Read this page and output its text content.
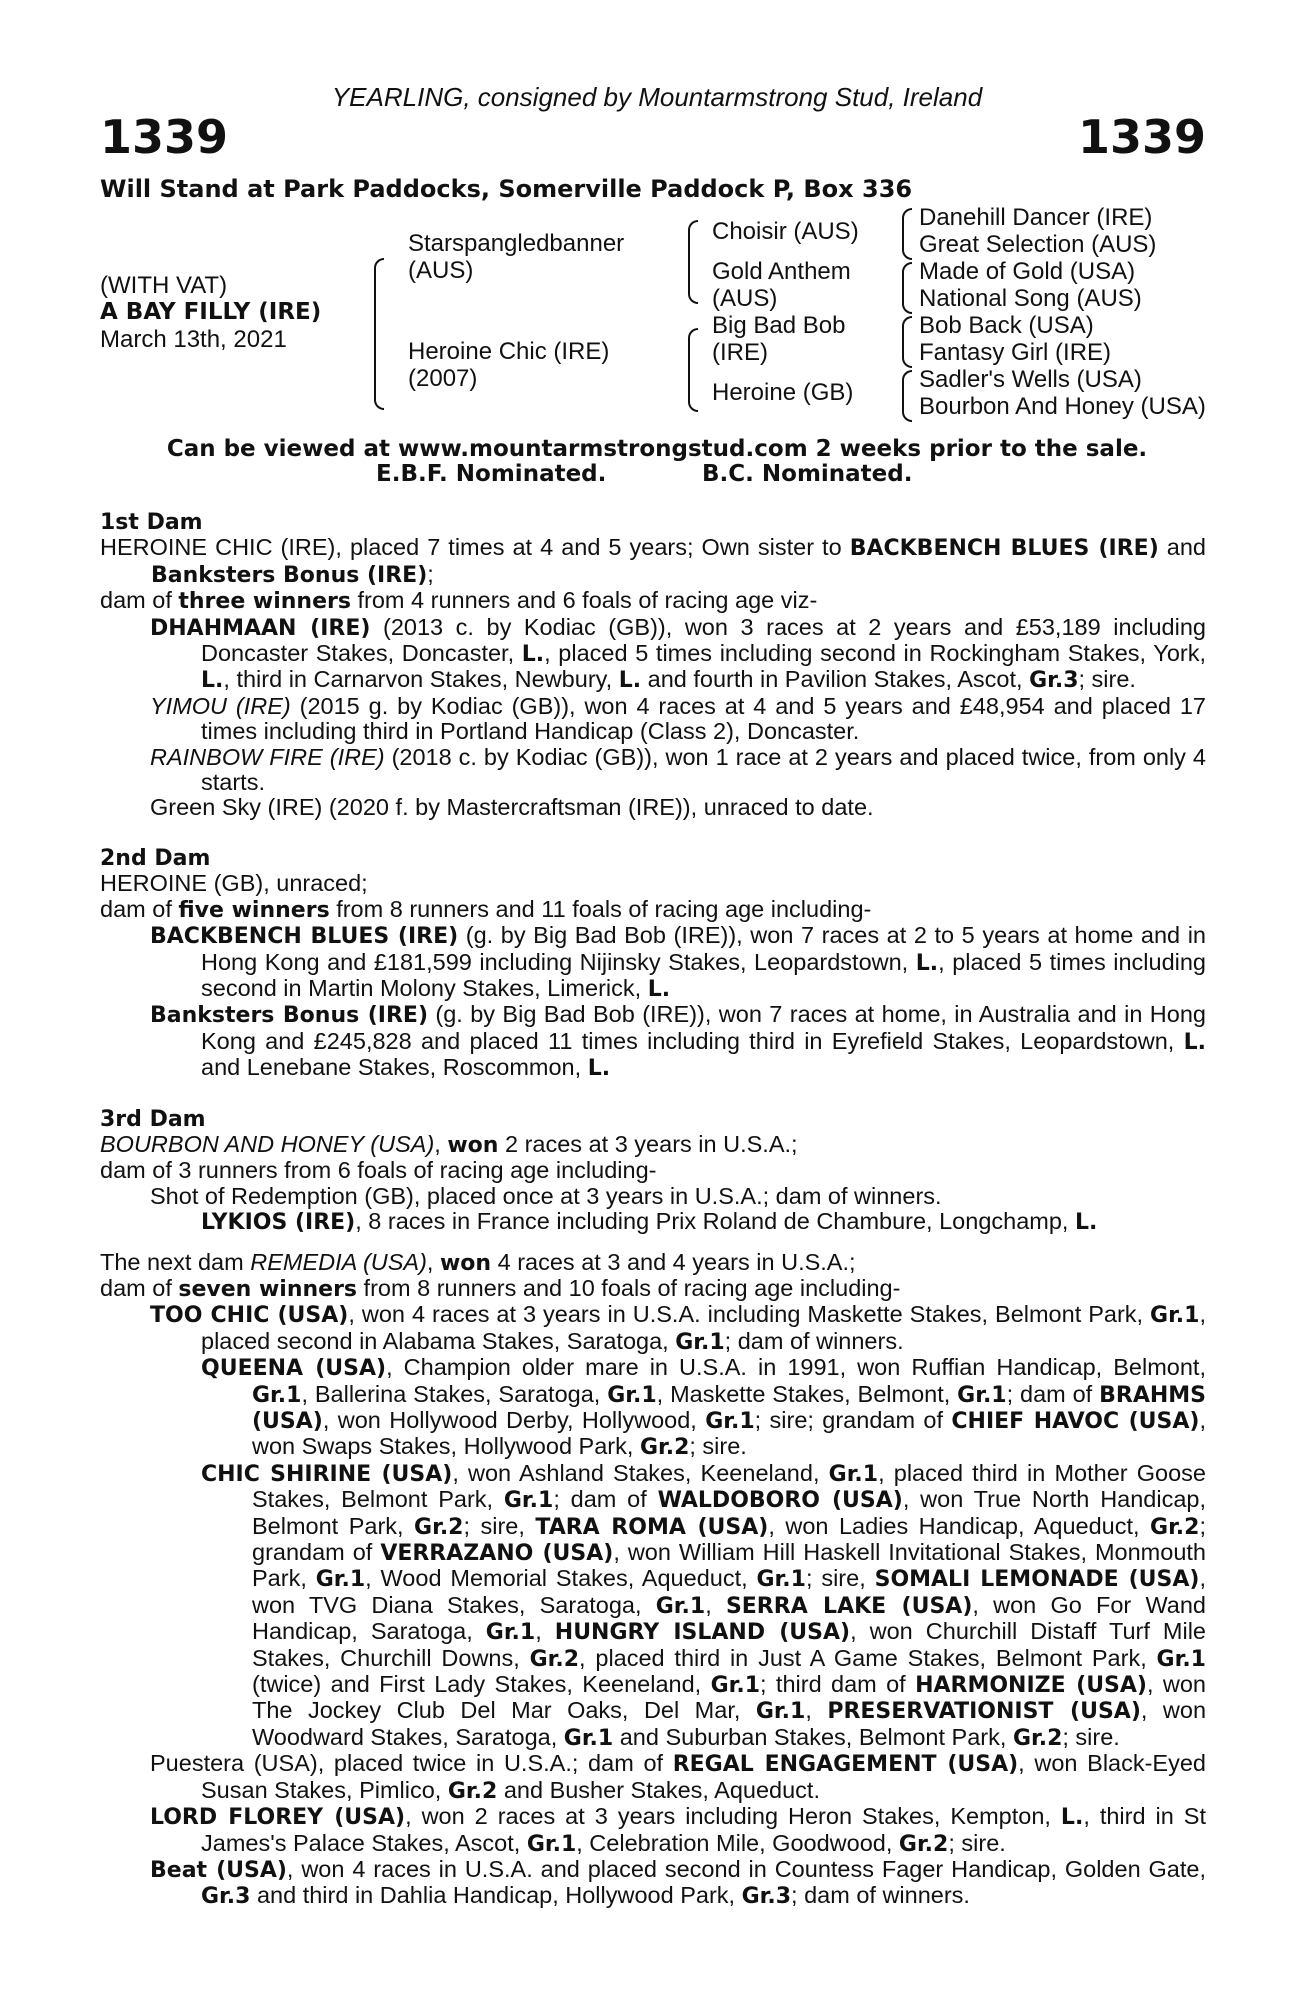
YEARLING, consigned by Mountarmstrong Stud, Ireland
1339	1339
Will Stand at Park Paddocks, Somerville Paddock P, Box 336
(WITH VAT)
A BAY FILLY (IRE)
March 13th, 2021
Starspangledbanner
(AUS)
Heroine Chic (IRE)
(2007)
Choisir (AUS)
Gold Anthem
(AUS)
Big Bad Bob
(IRE)
Heroine (GB)
Danehill Dancer (IRE)
Great Selection (AUS)
Made of Gold (USA)
National Song (AUS)
Bob Back (USA)
Fantasy Girl (IRE)
Sadler's Wells (USA)
Bourbon And Honey (USA)
Can be viewed at www.mountarmstrongstud.com 2 weeks prior to the sale.
E.B.F. Nominated.	B.C. Nominated.
1st Dam
HEROINE CHIC (IRE), placed 7 times at 4 and 5 years; Own sister to BACKBENCH BLUES (IRE) and Banksters Bonus (IRE);
dam of three winners from 4 runners and 6 foals of racing age viz-
DHAHMAAN (IRE) (2013 c. by Kodiac (GB)), won 3 races at 2 years and £53,189 including Doncaster Stakes, Doncaster, L., placed 5 times including second in Rockingham Stakes, York, L., third in Carnarvon Stakes, Newbury, L. and fourth in Pavilion Stakes, Ascot, Gr.3; sire.
YIMOU (IRE) (2015 g. by Kodiac (GB)), won 4 races at 4 and 5 years and £48,954 and placed 17 times including third in Portland Handicap (Class 2), Doncaster.
RAINBOW FIRE (IRE) (2018 c. by Kodiac (GB)), won 1 race at 2 years and placed twice, from only 4 starts.
Green Sky (IRE) (2020 f. by Mastercraftsman (IRE)), unraced to date.
2nd Dam
HEROINE (GB), unraced;
dam of five winners from 8 runners and 11 foals of racing age including-
BACKBENCH BLUES (IRE) (g. by Big Bad Bob (IRE)), won 7 races at 2 to 5 years at home and in Hong Kong and £181,599 including Nijinsky Stakes, Leopardstown, L., placed 5 times including second in Martin Molony Stakes, Limerick, L.
Banksters Bonus (IRE) (g. by Big Bad Bob (IRE)), won 7 races at home, in Australia and in Hong Kong and £245,828 and placed 11 times including third in Eyrefield Stakes, Leopardstown, L. and Lenebane Stakes, Roscommon, L.
3rd Dam
BOURBON AND HONEY (USA), won 2 races at 3 years in U.S.A.;
dam of 3 runners from 6 foals of racing age including-
Shot of Redemption (GB), placed once at 3 years in U.S.A.; dam of winners.
LYKIOS (IRE), 8 races in France including Prix Roland de Chambure, Longchamp, L.
The next dam REMEDIA (USA), won 4 races at 3 and 4 years in U.S.A.;
dam of seven winners from 8 runners and 10 foals of racing age including-
TOO CHIC (USA), won 4 races at 3 years in U.S.A. including Maskette Stakes, Belmont Park, Gr.1, placed second in Alabama Stakes, Saratoga, Gr.1; dam of winners.
QUEENA (USA), Champion older mare in U.S.A. in 1991, won Ruffian Handicap, Belmont, Gr.1, Ballerina Stakes, Saratoga, Gr.1, Maskette Stakes, Belmont, Gr.1; dam of BRAHMS (USA), won Hollywood Derby, Hollywood, Gr.1; sire; grandam of CHIEF HAVOC (USA), won Swaps Stakes, Hollywood Park, Gr.2; sire.
CHIC SHIRINE (USA), won Ashland Stakes, Keeneland, Gr.1, placed third in Mother Goose Stakes, Belmont Park, Gr.1; dam of WALDOBORO (USA), won True North Handicap, Belmont Park, Gr.2; sire, TARA ROMA (USA), won Ladies Handicap, Aqueduct, Gr.2; grandam of VERRAZANO (USA), won William Hill Haskell Invitational Stakes, Monmouth Park, Gr.1, Wood Memorial Stakes, Aqueduct, Gr.1; sire, SOMALI LEMONADE (USA), won TVG Diana Stakes, Saratoga, Gr.1, SERRA LAKE (USA), won Go For Wand Handicap, Saratoga, Gr.1, HUNGRY ISLAND (USA), won Churchill Distaff Turf Mile Stakes, Churchill Downs, Gr.2, placed third in Just A Game Stakes, Belmont Park, Gr.1 (twice) and First Lady Stakes, Keeneland, Gr.1; third dam of HARMONIZE (USA), won The Jockey Club Del Mar Oaks, Del Mar, Gr.1, PRESERVATIONIST (USA), won Woodward Stakes, Saratoga, Gr.1 and Suburban Stakes, Belmont Park, Gr.2; sire.
Puestera (USA), placed twice in U.S.A.; dam of REGAL ENGAGEMENT (USA), won Black-Eyed Susan Stakes, Pimlico, Gr.2 and Busher Stakes, Aqueduct.
LORD FLOREY (USA), won 2 races at 3 years including Heron Stakes, Kempton, L., third in St James's Palace Stakes, Ascot, Gr.1, Celebration Mile, Goodwood, Gr.2; sire.
Beat (USA), won 4 races in U.S.A. and placed second in Countess Fager Handicap, Golden Gate, Gr.3 and third in Dahlia Handicap, Hollywood Park, Gr.3; dam of winners.
